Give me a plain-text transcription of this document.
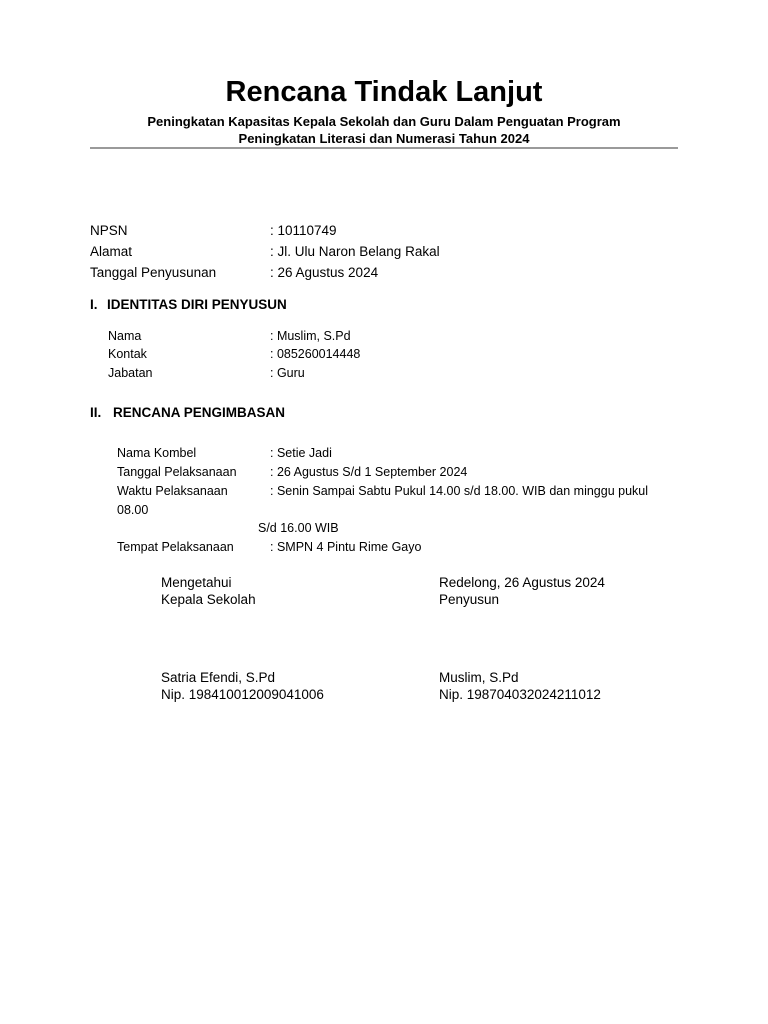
Rencana Tindak Lanjut
Peningkatan Kapasitas Kepala Sekolah dan Guru Dalam Penguatan Program
Peningkatan Literasi dan Numerasi Tahun 2024
NPSN	: 10110749
Alamat	: Jl. Ulu Naron Belang Rakal
Tanggal Penyusunan	: 26 Agustus 2024
I. IDENTITAS DIRI PENYUSUN
Nama	: Muslim, S.Pd
Kontak	: 085260014448
Jabatan	: Guru
II. RENCANA PENGIMBASAN
Nama Kombel	: Setie Jadi
Tanggal Pelaksanaan	: 26 Agustus S/d 1 September 2024
Waktu Pelaksanaan	: Senin Sampai Sabtu Pukul 14.00 s/d 18.00. WIB dan minggu pukul
08.00
S/d 16.00 WIB
Tempat Pelaksanaan	: SMPN 4 Pintu Rime Gayo
Mengetahui
Kepala Sekolah
Redelong, 26 Agustus 2024
Penyusun
Satria Efendi, S.Pd
Nip. 198410012009041006
Muslim, S.Pd
Nip. 198704032024211012
